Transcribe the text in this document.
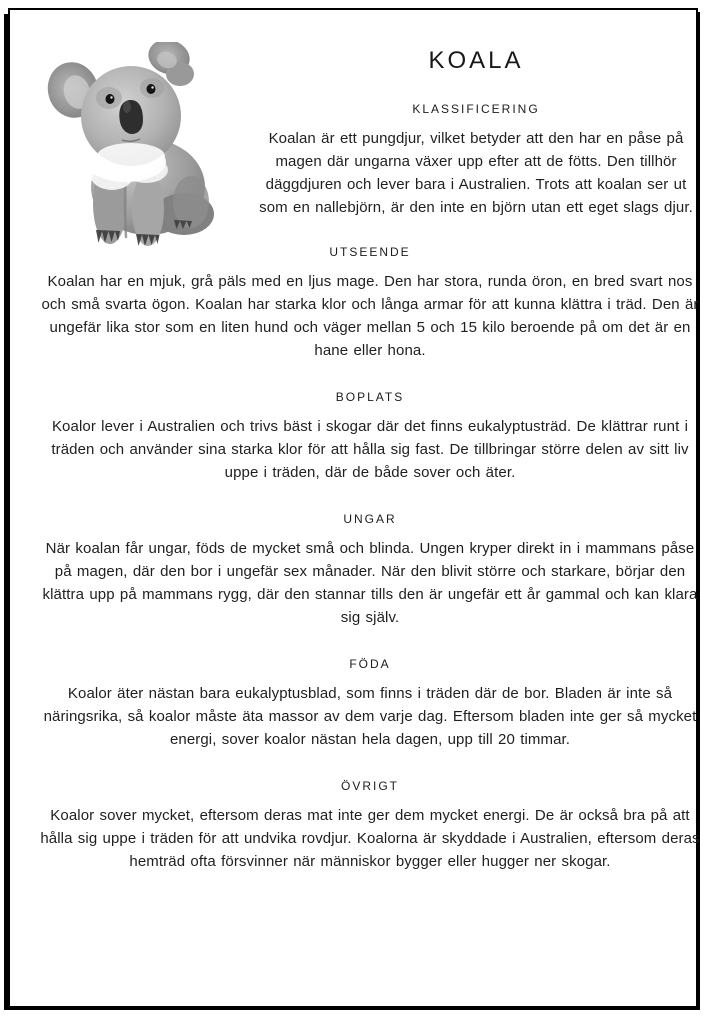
KOALA
KLASSIFICERING

Koalan är ett pungdjur, vilket betyder att den har en påse på magen där ungarna växer upp efter att de fötts. Den tillhör däggdjuren och lever bara i Australien. Trots att koalan ser ut som en nallebjörn, är den inte en björn utan ett eget slags djur.

UTSEENDE

Koalan har en mjuk, grå päls med en ljus mage. Den har stora, runda öron, en bred svart nos och små svarta ögon. Koalan har starka klor och långa armar för att kunna klättra i träd. Den är ungefär lika stor som en liten hund och väger mellan 5 och 15 kilo beroende på om det är en hane eller hona.

BOPLATS

Koalor lever i Australien och trivs bäst i skogar där det finns eukalyptusträd. De klättrar runt i träden och använder sina starka klor för att hålla sig fast. De tillbringar större delen av sitt liv uppe i träden, där de både sover och äter.

UNGAR

När koalan får ungar, föds de mycket små och blinda. Ungen kryper direkt in i mammans påse på magen, där den bor i ungefär sex månader. När den blivit större och starkare, börjar den klättra upp på mammans rygg, där den stannar tills den är ungefär ett år gammal och kan klara sig själv.

FÖDA

Koalor äter nästan bara eukalyptusblad, som finns i träden där de bor. Bladen är inte så näringsrika, så koalor måste äta massor av dem varje dag. Eftersom bladen inte ger så mycket energi, sover koalor nästan hela dagen, upp till 20 timmar.

ÖVRIGT

Koalor sover mycket, eftersom deras mat inte ger dem mycket energi. De är också bra på att hålla sig uppe i träden för att undvika rovdjur. Koalorna är skyddade i Australien, eftersom deras hemträd ofta försvinner när människor bygger eller hugger ner skogar.
